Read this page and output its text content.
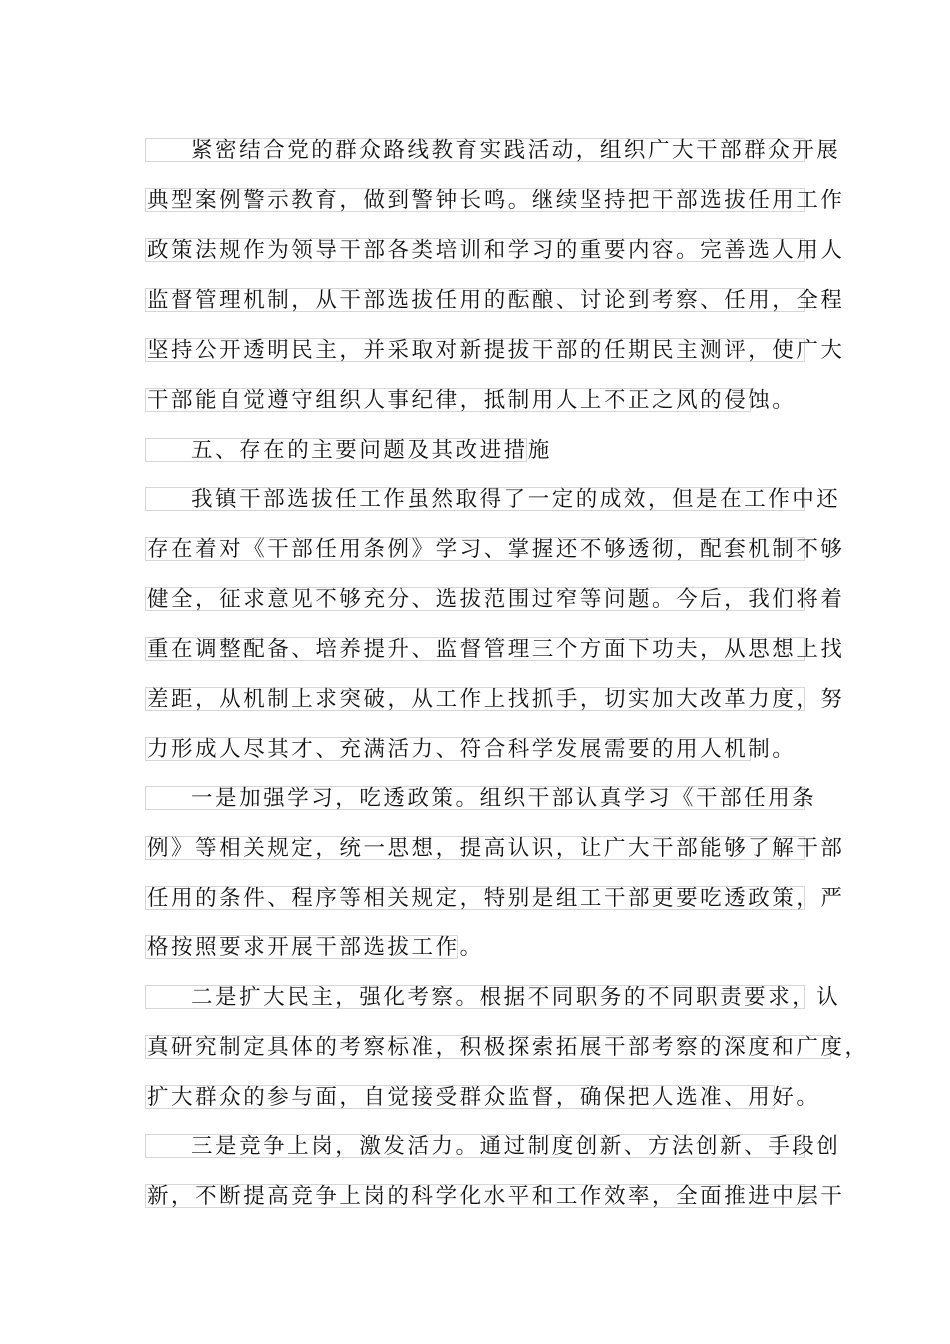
紧密结合党的群众路线教育实践活动，组织广大干部群众开展
典型案例警示教育，做到警钟长鸣。继续坚持把干部选拔任用工作
政策法规作为领导干部各类培训和学习的重要内容。完善选人用人
监督管理机制，从干部选拔任用的酝酿、讨论到考察、任用，全程
坚持公开透明民主，并采取对新提拔干部的任期民主测评，使广大
干部能自觉遵守组织人事纪律，抵制用人上不正之风的侵蚀。
五、存在的主要问题及其改进措施
我镇干部选拔任工作虽然取得了一定的成效，但是在工作中还
存在着对《干部任用条例》学习、掌握还不够透彻，配套机制不够
健全，征求意见不够充分、选拔范围过窄等问题。今后，我们将着
重在调整配备、培养提升、监督管理三个方面下功夫，从思想上找
差距，从机制上求突破，从工作上找抓手，切实加大改革力度，努
力形成人尽其才、充满活力、符合科学发展需要的用人机制。
一是加强学习，吃透政策。组织干部认真学习《干部任用条
例》等相关规定，统一思想，提高认识，让广大干部能够了解干部
任用的条件、程序等相关规定，特别是组工干部更要吃透政策，严
格按照要求开展干部选拔工作。
二是扩大民主，强化考察。根据不同职务的不同职责要求，认
真研究制定具体的考察标准，积极探索拓展干部考察的深度和广度，
扩大群众的参与面，自觉接受群众监督，确保把人选准、用好。
三是竞争上岗，激发活力。通过制度创新、方法创新、手段创
新，不断提高竞争上岗的科学化水平和工作效率，全面推进中层干
